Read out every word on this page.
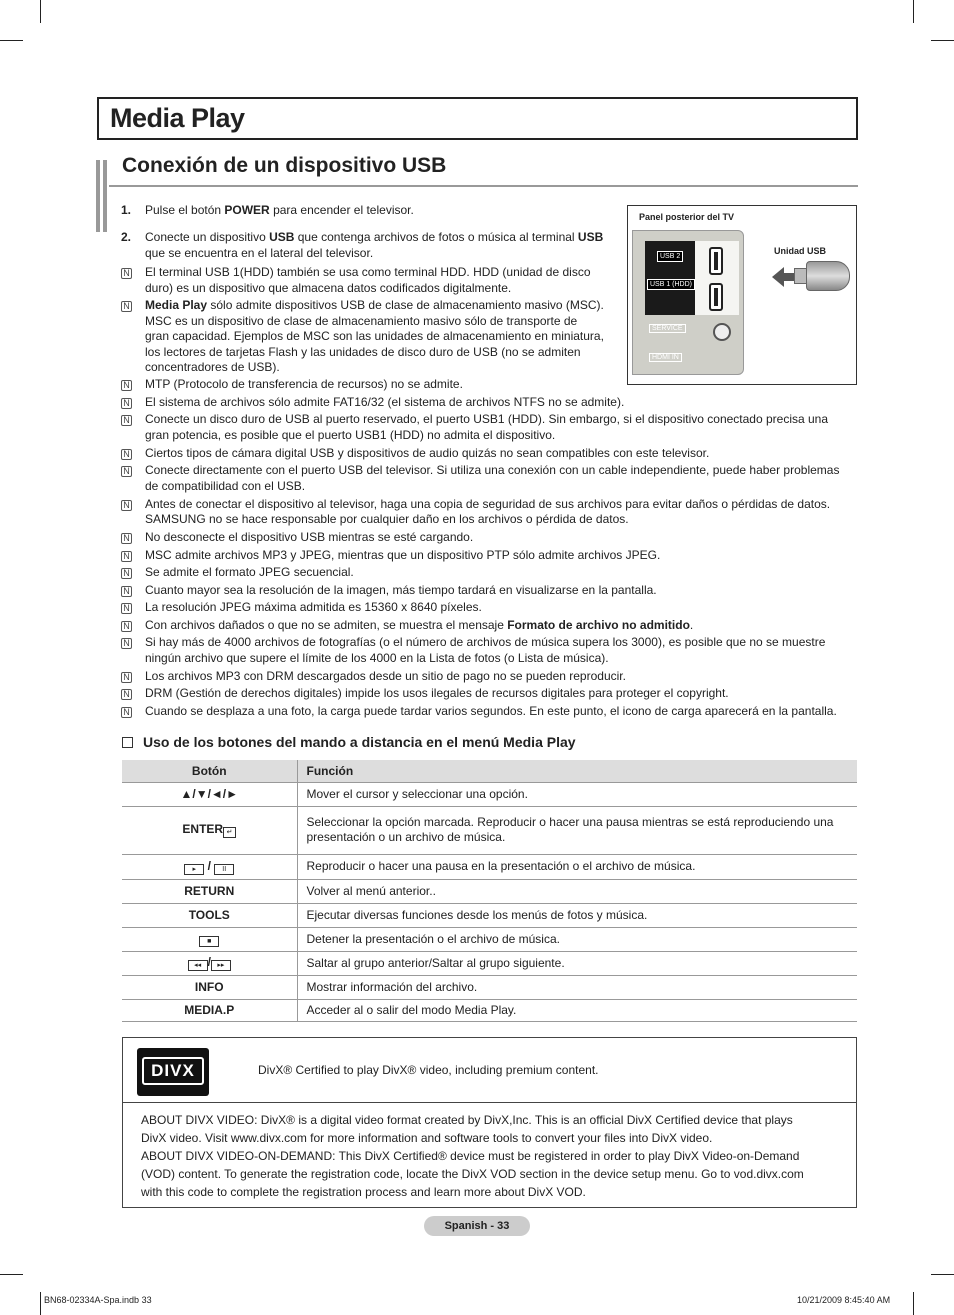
Media Play
Conexión de un dispositivo USB
1. Pulse el botón POWER para encender el televisor.
2. Conecte un dispositivo USB que contenga archivos de fotos o música al terminal USB
que se encuentra en el lateral del televisor.
N El terminal USB 1(HDD) también se usa como terminal HDD. HDD (unidad de disco
duro) es un dispositivo que almacena datos codificados digitalmente.
N Media Play sólo admite dispositivos USB de clase de almacenamiento masivo (MSC).
MSC es un dispositivo de clase de almacenamiento masivo sólo de transporte de
gran capacidad. Ejemplos de MSC son las unidades de almacenamiento en miniatura,
los lectores de tarjetas Flash y las unidades de disco duro de USB (no se admiten
concentradores de USB).
Panel posterior del TV
Unidad USB
USB 2
USB 1 (HDD)
SERVICE
HDMI IN
N MTP (Protocolo de transferencia de recursos) no se admite.
N El sistema de archivos sólo admite FAT16/32 (el sistema de archivos NTFS no se admite).
N Conecte un disco duro de USB al puerto reservado, el puerto USB1 (HDD). Sin embargo, si el dispositivo conectado precisa una
gran potencia, es posible que el puerto USB1 (HDD) no admita el dispositivo.
N Ciertos tipos de cámara digital USB y dispositivos de audio quizás no sean compatibles con este televisor.
N Conecte directamente con el puerto USB del televisor. Si utiliza una conexión con un cable independiente, puede haber problemas
de compatibilidad con el USB.
N Antes de conectar el dispositivo al televisor, haga una copia de seguridad de sus archivos para evitar daños o pérdidas de datos.
SAMSUNG no se hace responsable por cualquier daño en los archivos o pérdida de datos.
N No desconecte el dispositivo USB mientras se esté cargando.
N MSC admite archivos MP3 y JPEG, mientras que un dispositivo PTP sólo admite archivos JPEG.
N Se admite el formato JPEG secuencial.
N Cuanto mayor sea la resolución de la imagen, más tiempo tardará en visualizarse en la pantalla.
N La resolución JPEG máxima admitida es 15360 x 8640 píxeles.
N Con archivos dañados o que no se admiten, se muestra el mensaje Formato de archivo no admitido.
N Si hay más de 4000 archivos de fotografías (o el número de archivos de música supera los 3000), es posible que no se muestre
ningún archivo que supere el límite de los 4000 en la Lista de fotos (o Lista de música).
N Los archivos MP3 con DRM descargados desde un sitio de pago no se pueden reproducir.
N DRM (Gestión de derechos digitales) impide los usos ilegales de recursos digitales para proteger el copyright.
N Cuando se desplaza a una foto, la carga puede tardar varios segundos. En este punto, el icono de carga aparecerá en la pantalla.
Uso de los botones del mando a distancia en el menú Media Play
Botón	Función
▲/▼/◄/►	Mover el cursor y seleccionar una opción.
ENTER ↵	Seleccionar la opción marcada. Reproducir o hacer una pausa mientras se está reproduciendo una presentación o un archivo de música.
▸ / II	Reproducir o hacer una pausa en la presentación o el archivo de música.
RETURN	Volver al menú anterior..
TOOLS	Ejecutar diversas funciones desde los menús de fotos y música.
■	Detener la presentación o el archivo de música.
◂◂ / ▸▸	Saltar al grupo anterior/Saltar al grupo siguiente.
INFO	Mostrar información del archivo.
MEDIA.P	Acceder al o salir del modo Media Play.
DIVX	DivX® Certified to play DivX® video, including premium content.
ABOUT DIVX VIDEO: DivX® is a digital video format created by DivX,Inc. This is an official DivX Certified device that plays
DivX video. Visit www.divx.com for more information and software tools to convert your files into DivX video.
ABOUT DIVX VIDEO-ON-DEMAND: This DivX Certified® device must be registered in order to play DivX Video-on-Demand
(VOD) content. To generate the registration code, locate the DivX VOD section in the device setup menu. Go to vod.divx.com
with this code to complete the registration process and learn more about DivX VOD.
Spanish - 33
BN68-02334A-Spa.indb 33	10/21/2009 8:45:40 AM
